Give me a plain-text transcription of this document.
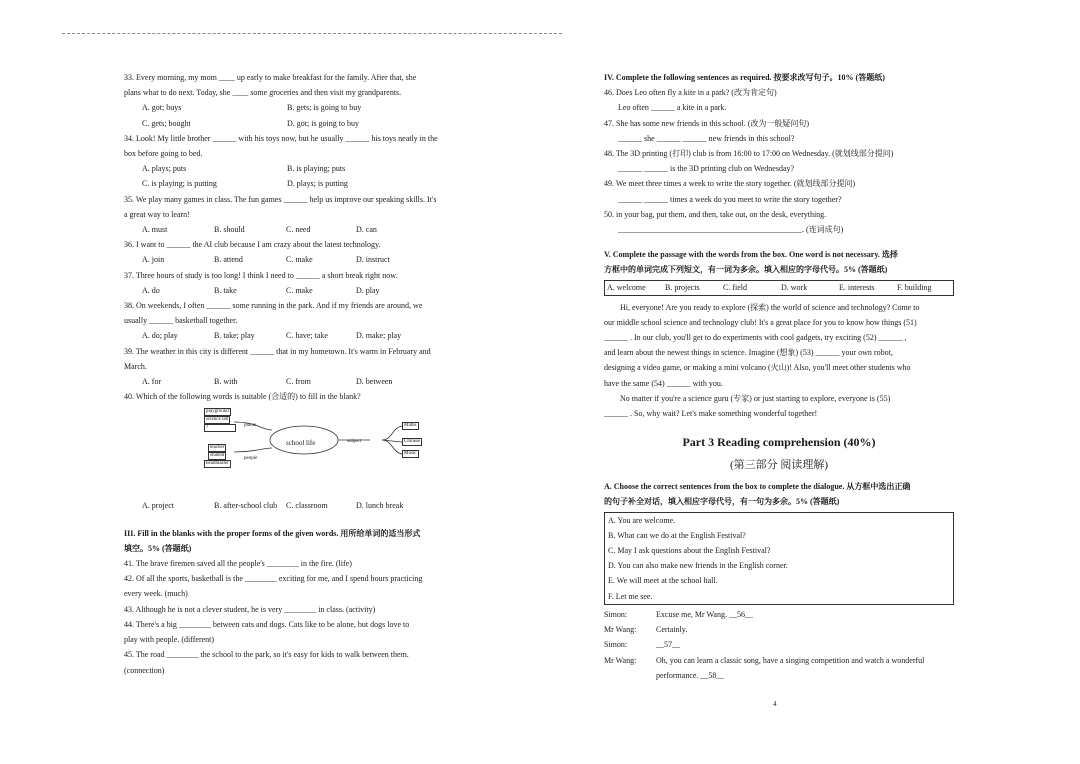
33. Every morning, my mom ____ up early to make breakfast for the family. After that, she
plans what to do next. Today, she ____ some groceries and then visit my grandparents.
A. got; buys	B. gets; is going to buy
C. gets; bought	D. got; is going to buy
34. Look! My little brother ______ with his toys now, but he usually ______ his toys neatly in the
box before going to bed.
A. plays; puts	B. is playing; puts
C. is playing; is putting	D. plays; is putting
35. We play many games in class. The fun games ______ help us improve our speaking skills. It's
a great way to learn!
A. must	B. should	C. need	D. can
36. I want to ______ the AI club because I am crazy about the latest technology.
A. join	B. attend	C. make	D. instruct
37. Three hours of study is too long! I think I need to ______ a short break right now.
A. do	B. take	C. make	D. play
38. On weekends, I often ______ some running in the park. And if my friends are around, we
usually ______ basketball together.
A. do; play	B. take; play	C. have; take	D. make; play
39. The weather in this city is different ______ that in my hometown. It's warm in February and
March.
A. for	B. with	C. from	D. between
40. Which of the following words is suitable (合适的) to fill in the blank?
playground
science lab
?	places
teacher
student
headmaster
people
school life	subject
Maths
Chinese
Music
A. project	B. after-school club	C. classroom	D. lunch break
III. Fill in the blanks with the proper forms of the given words. 用所给单词的适当形式
填空。5% (答题纸)
41. The brave firemen saved all the people's ________ in the fire. (life)
42. Of all the sports, basketball is the ________ exciting for me, and I spend hours practicing
every week. (much)
43. Although he is not a clever student, he is very ________ in class. (activity)
44. There's a big ________ between cats and dogs. Cats like to be alone, but dogs love to
play with people. (different)
45. The road ________ the school to the park, so it's easy for kids to walk between them.
(connection)
IV. Complete the following sentences as required. 按要求改写句子。10% (答题纸)
46. Does Leo often fly a kite in a park? (改为肯定句)
Leo often ______ a kite in a park.
47. She has some new friends in this school. (改为一般疑问句)
______ she ______ ______ new friends in this school?
48. The 3D printing (打印) club is from 16:00 to 17:00 on Wednesday. (就划线部分提问)
______ ______ is the 3D printing club on Wednesday?
49. We meet three times a week to write the story together. (就划线部分提问)
______ ______ times a week do you meet to write the story together?
50. in your bag, put them, and then, take out, on the desk, everything.
______________________________________________. (连词成句)
V. Complete the passage with the words from the box. One word is not necessary. 选择
方框中的单词完成下列短文，有一词为多余。填入相应的字母代号。5% (答题纸)
A. welcome	B. projects	C. field	D. work	E. interests	F. building
Hi, everyone! Are you ready to explore (探索) the world of science and technology? Come to
our middle school science and technology club! It's a great place for you to know how things (51)
______ . In our club, you'll get to do experiments with cool gadgets, try exciting (52) ______ ,
and learn about the newest things in science. Imagine (想象) (53) ______ your own robot,
designing a video game, or making a mini volcano (火山)! Also, you'll meet other students who
have the same (54) ______ with you.
No matter if you're a science guru (专家) or just starting to explore, everyone is (55)
______ . So, why wait? Let's make something wonderful together!
Part 3 Reading comprehension (40%)
(第三部分 阅读理解)
A. Choose the correct sentences from the box to complete the dialogue. 从方框中选出正确
的句子补全对话，填入相应字母代号，有一句为多余。5% (答题纸)
A. You are welcome.
B. What can we do at the English Festival?
C. May I ask questions about the English Festival?
D. You can also make new friends in the English corner.
E. We will meet at the school hall.
F. Let me see.
Simon:	Excuse me, Mr Wang. __56__
Mr Wang:	Certainly.
Simon:	__57__
Mr Wang:	Oh, you can learn a classic song, have a singing competition and watch a wonderful
performance. __58__
4
